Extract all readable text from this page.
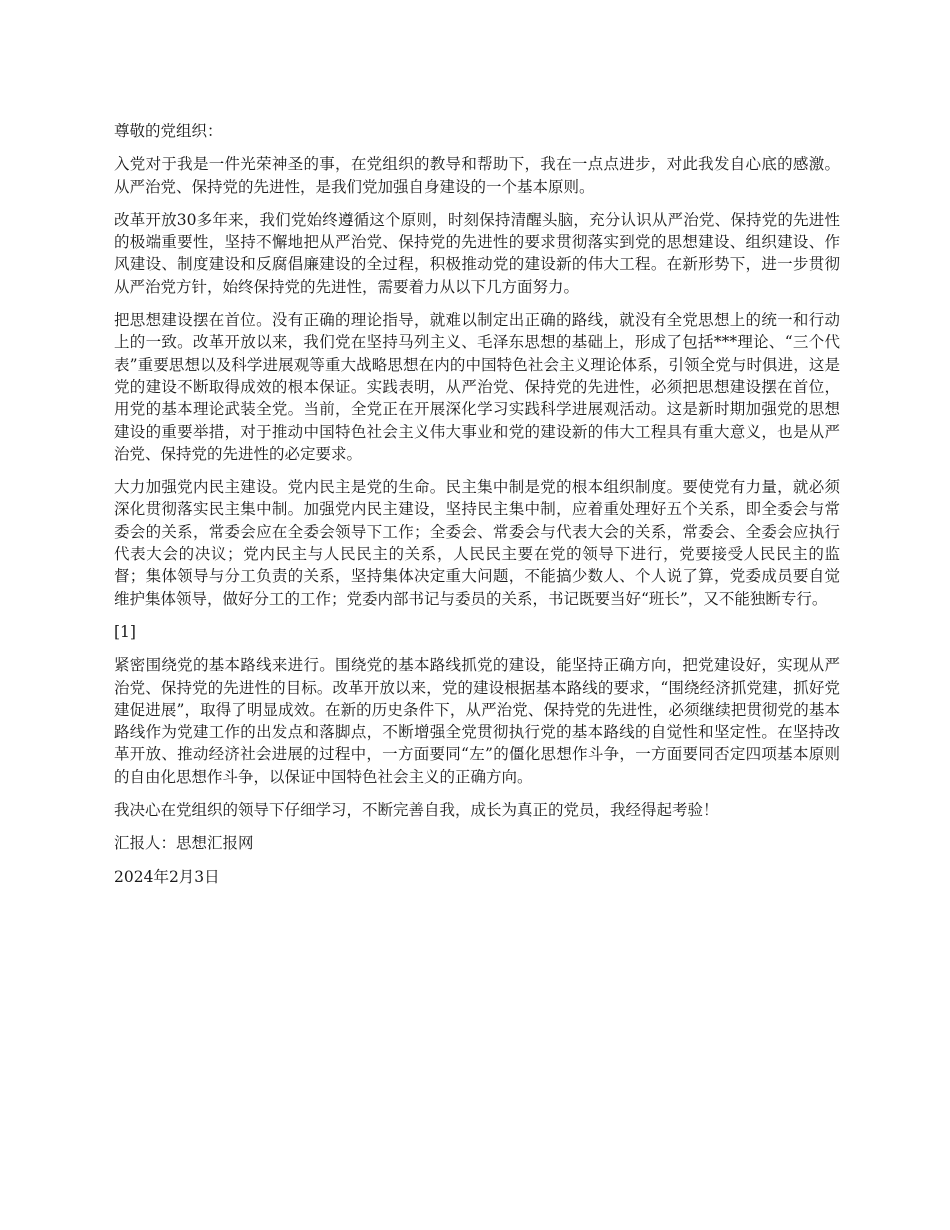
尊敬的党组织：

入党对于我是一件光荣神圣的事，在党组织的教导和帮助下，我在一点点进步，对此我发自心底的感激。从严治党、保持党的先进性，是我们党加强自身建设的一个基本原则。

改革开放30多年来，我们党始终遵循这个原则，时刻保持清醒头脑，充分认识从严治党、保持党的先进性的极端重要性，坚持不懈地把从严治党、保持党的先进性的要求贯彻落实到党的思想建设、组织建设、作风建设、制度建设和反腐倡廉建设的全过程，积极推动党的建设新的伟大工程。在新形势下，进一步贯彻从严治党方针，始终保持党的先进性，需要着力从以下几方面努力。

把思想建设摆在首位。没有正确的理论指导，就难以制定出正确的路线，就没有全党思想上的统一和行动上的一致。改革开放以来，我们党在坚持马列主义、毛泽东思想的基础上，形成了包括***理论、“三个代表”重要思想以及科学进展观等重大战略思想在内的中国特色社会主义理论体系，引领全党与时俱进，这是党的建设不断取得成效的根本保证。实践表明，从严治党、保持党的先进性，必须把思想建设摆在首位，用党的基本理论武装全党。当前，全党正在开展深化学习实践科学进展观活动。这是新时期加强党的思想建设的重要举措，对于推动中国特色社会主义伟大事业和党的建设新的伟大工程具有重大意义，也是从严治党、保持党的先进性的必定要求。

大力加强党内民主建设。党内民主是党的生命。民主集中制是党的根本组织制度。要使党有力量，就必须深化贯彻落实民主集中制。加强党内民主建设，坚持民主集中制，应着重处理好五个关系，即全委会与常委会的关系，常委会应在全委会领导下工作；全委会、常委会与代表大会的关系，常委会、全委会应执行代表大会的决议；党内民主与人民民主的关系，人民民主要在党的领导下进行，党要接受人民民主的监督；集体领导与分工负责的关系，坚持集体决定重大问题，不能搞少数人、个人说了算，党委成员要自觉维护集体领导，做好分工的工作；党委内部书记与委员的关系，书记既要当好“班长”，又不能独断专行。

[1]

紧密围绕党的基本路线来进行。围绕党的基本路线抓党的建设，能坚持正确方向，把党建设好，实现从严治党、保持党的先进性的目标。改革开放以来，党的建设根据基本路线的要求，“围绕经济抓党建，抓好党建促进展”，取得了明显成效。在新的历史条件下，从严治党、保持党的先进性，必须继续把贯彻党的基本路线作为党建工作的出发点和落脚点，不断增强全党贯彻执行党的基本路线的自觉性和坚定性。在坚持改革开放、推动经济社会进展的过程中，一方面要同“左”的僵化思想作斗争，一方面要同否定四项基本原则的自由化思想作斗争，以保证中国特色社会主义的正确方向。

我决心在党组织的领导下仔细学习，不断完善自我，成长为真正的党员，我经得起考验！

汇报人：思想汇报网

2024年2月3日
